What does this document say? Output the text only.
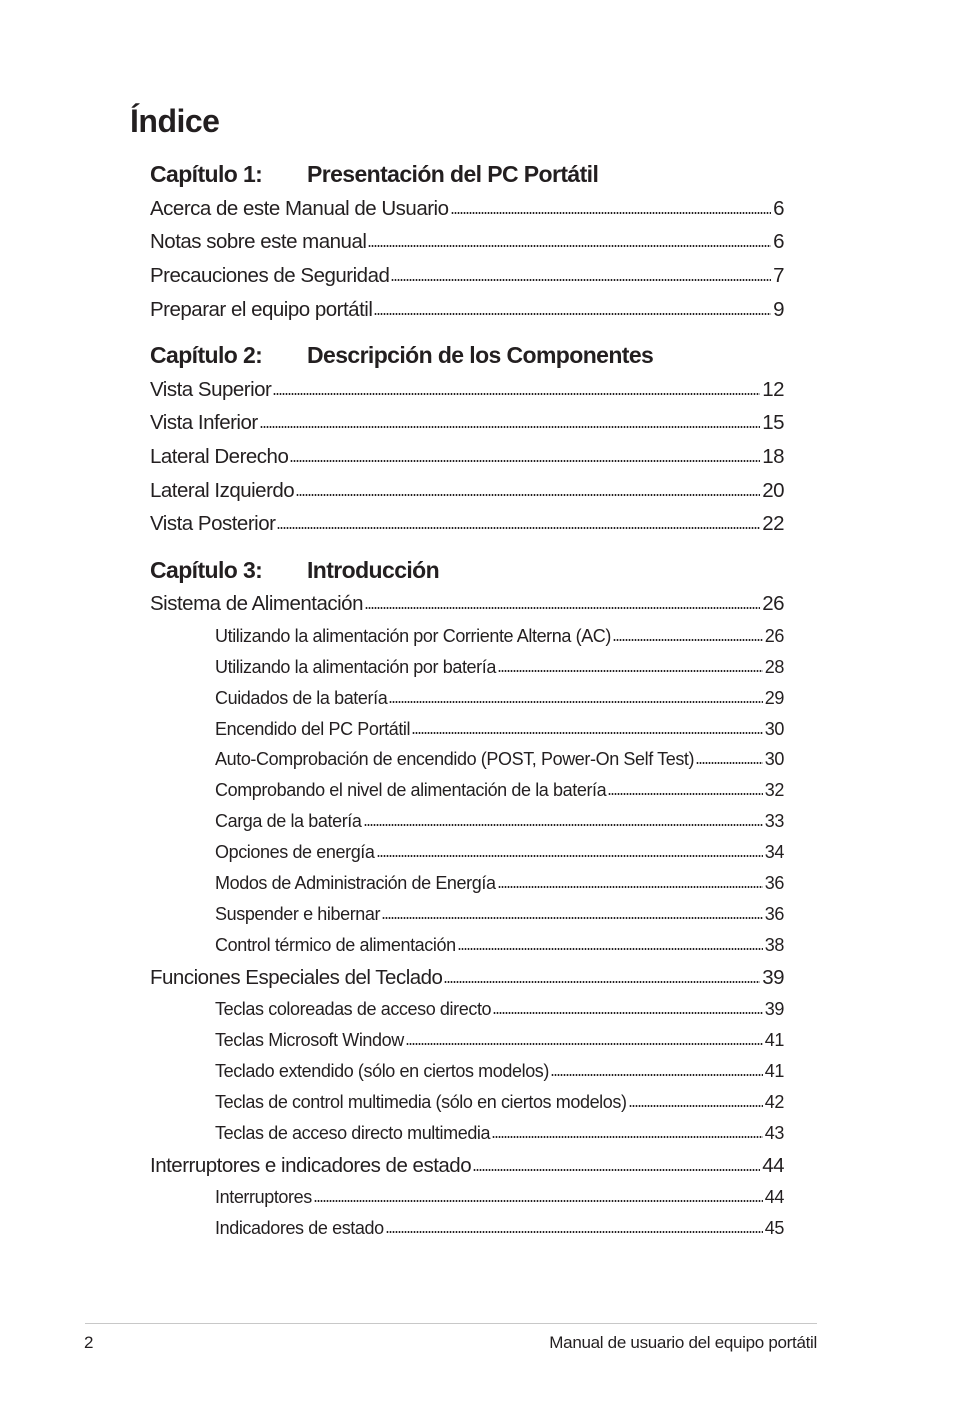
Índice
Capítulo 1: Presentación del PC Portátil
Acerca de este Manual de Usuario	6
Notas sobre este manual	6
Precauciones de Seguridad	7
Preparar el equipo portátil	9
Capítulo 2: Descripción de los Componentes
Vista Superior	12
Vista Inferior	15
Lateral Derecho	18
Lateral Izquierdo	20
Vista Posterior	22
Capítulo 3: Introducción
Sistema de Alimentación	26
Utilizando la alimentación por Corriente Alterna (AC)	26
Utilizando la alimentación por batería	28
Cuidados de la batería	29
Encendido del PC Portátil	30
Auto-Comprobación de encendido (POST, Power-On Self Test)	30
Comprobando el nivel de alimentación de la batería	32
Carga de la batería	33
Opciones de energía	34
Modos de Administración de Energía	36
Suspender e hibernar	36
Control térmico de alimentación	38
Funciones Especiales del Teclado	39
Teclas coloreadas de acceso directo	39
Teclas Microsoft Window	41
Teclado extendido (sólo en ciertos modelos)	41
Teclas de control multimedia (sólo en ciertos modelos)	42
Teclas de acceso directo multimedia	43
Interruptores e indicadores de estado	44
Interruptores	44
Indicadores de estado	45
2	Manual de usuario del equipo portátil
